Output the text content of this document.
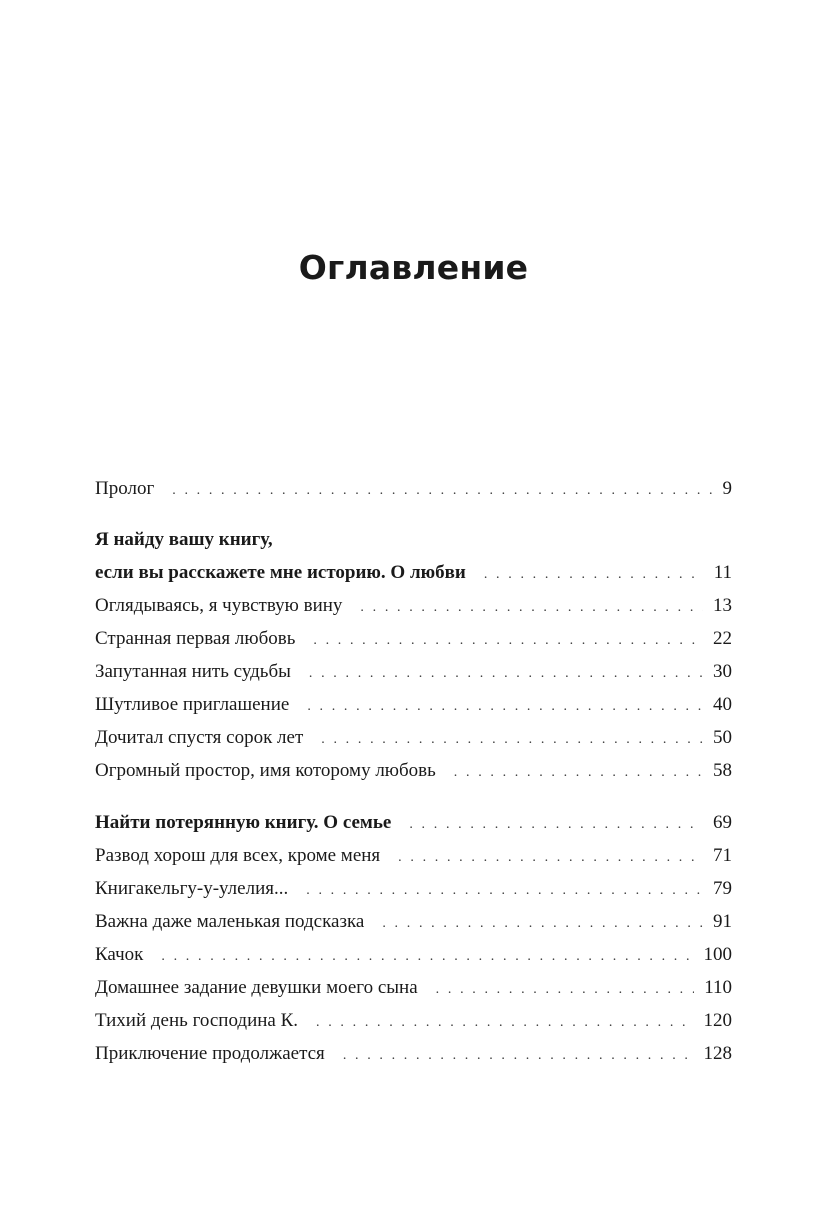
Оглавление
Пролог . . .	9
Я найду вашу книгу,
если вы расскажете мне историю. О любви . . .	11
Оглядываясь, я чувствую вину . . .	13
Странная первая любовь . . .	22
Запутанная нить судьбы . . .	30
Шутливое приглашение . . .	40
Дочитал спустя сорок лет . . .	50
Огромный простор, имя которому любовь . . .	58
Найти потерянную книгу. О семье . . .	69
Развод хорош для всех, кроме меня . . .	71
Книгакельгу-у-улелия... . . .	79
Важна даже маленькая подсказка . . .	91
Качок . . .	100
Домашнее задание девушки моего сына . . .	110
Тихий день господина К. . . .	120
Приключение продолжается . . .	128
